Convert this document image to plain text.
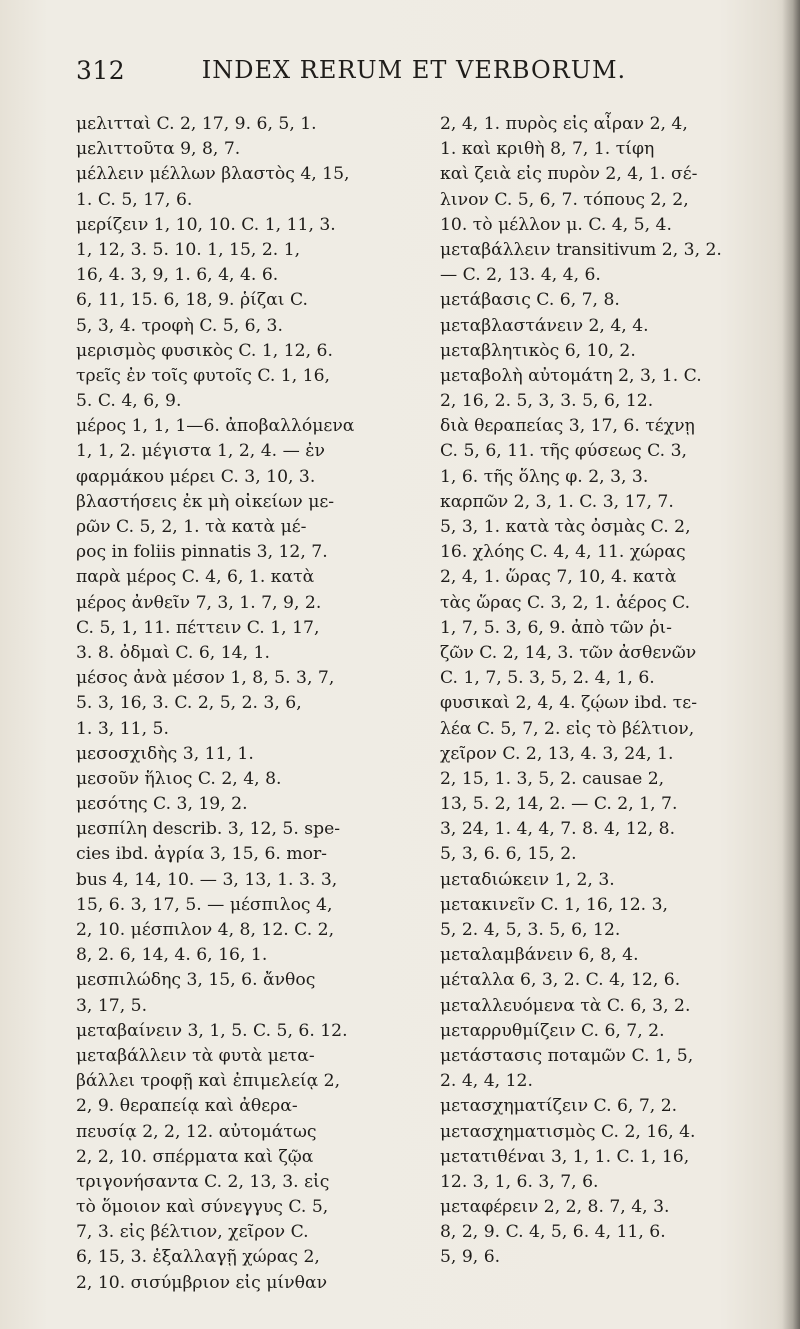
312	INDEX RERUM ET VERBORUM.
μελιτταὶ C. 2, 17, 9. 6, 5, 1.
μελιττοῦτα 9, 8, 7.
μέλλειν μέλλων βλαστὸς 4, 15,
1. C. 5, 17, 6.
μερίζειν 1, 10, 10. C. 1, 11, 3.
1, 12, 3. 5. 10. 1, 15, 2. 1,
16, 4. 3, 9, 1. 6, 4, 4. 6.
6, 11, 15. 6, 18, 9. ῥίζαι C.
5, 3, 4. τροφὴ C. 5, 6, 3.
μερισμὸς φυσικὸς C. 1, 12, 6.
τρεῖς ἐν τοῖς φυτοῖς C. 1, 16,
5. C. 4, 6, 9.
μέρος 1, 1, 1—6. ἀποβαλλόμενα
1, 1, 2. μέγιστα 1, 2, 4. — ἐν
φαρμάκου μέρει C. 3, 10, 3.
βλαστήσεις ἐκ μὴ οἰκείων με-
ρῶν C. 5, 2, 1. τὰ κατὰ μέ-
ρος in foliis pinnatis 3, 12, 7.
παρὰ μέρος C. 4, 6, 1. κατὰ
μέρος ἀνθεῖν 7, 3, 1. 7, 9, 2.
C. 5, 1, 11. πέττειν C. 1, 17,
3. 8. ὀδμαὶ C. 6, 14, 1.
μέσος ἀνὰ μέσον 1, 8, 5. 3, 7,
5. 3, 16, 3. C. 2, 5, 2. 3, 6,
1. 3, 11, 5.
μεσοσχιδὴς 3, 11, 1.
μεσοῦν ἥλιος C. 2, 4, 8.
μεσότης C. 3, 19, 2.
μεσπίλη describ. 3, 12, 5. spe-
cies ibd. ἀγρία 3, 15, 6. mor-
bus 4, 14, 10. — 3, 13, 1. 3. 3,
15, 6. 3, 17, 5. — μέσπιλος 4,
2, 10. μέσπιλον 4, 8, 12. C. 2,
8, 2. 6, 14, 4. 6, 16, 1.
μεσπιλώδης 3, 15, 6. ἄνθος
3, 17, 5.
μεταβαίνειν 3, 1, 5. C. 5, 6. 12.
μεταβάλλειν τὰ φυτὰ μετα-
βάλλει τροφῇ καὶ ἐπιμελείᾳ 2,
2, 9. θεραπείᾳ καὶ ἀθερα-
πευσίᾳ 2, 2, 12. αὐτομάτως
2, 2, 10. σπέρματα καὶ ζῷα
τριγονήσαντα C. 2, 13, 3. εἰς
τὸ ὅμοιον καὶ σύνεγγυς C. 5,
7, 3. εἰς βέλτιον, χεῖρον C.
6, 15, 3. ἐξαλλαγῇ χώρας 2,
2, 10. σισύμβριον εἰς μίνθαν
2, 4, 1. πυρὸς εἰς αἶραν 2, 4,
1. καὶ κριθὴ 8, 7, 1. τίφη
καὶ ζειὰ εἰς πυρὸν 2, 4, 1. σέ-
λινον C. 5, 6, 7. τόπους 2, 2,
10. τὸ μέλλον μ. C. 4, 5, 4.
μεταβάλλειν transitivum 2, 3, 2.
— C. 2, 13. 4, 4, 6.
μετάβασις C. 6, 7, 8.
μεταβλαστάνειν 2, 4, 4.
μεταβλητικὸς 6, 10, 2.
μεταβολὴ αὐτομάτη 2, 3, 1. C.
2, 16, 2. 5, 3, 3. 5, 6, 12.
διὰ θεραπείας 3, 17, 6. τέχνῃ
C. 5, 6, 11. τῆς φύσεως C. 3,
1, 6. τῆς ὅλης φ. 2, 3, 3.
καρπῶν 2, 3, 1. C. 3, 17, 7.
5, 3, 1. κατὰ τὰς ὀσμὰς C. 2,
16. χλόης C. 4, 4, 11. χώρας
2, 4, 1. ὥρας 7, 10, 4. κατὰ
τὰς ὥρας C. 3, 2, 1. ἀέρος C.
1, 7, 5. 3, 6, 9. ἀπὸ τῶν ῥι-
ζῶν C. 2, 14, 3. τῶν ἀσθενῶν
C. 1, 7, 5. 3, 5, 2. 4, 1, 6.
φυσικαὶ 2, 4, 4. ζῴων ibd. τε-
λέα C. 5, 7, 2. εἰς τὸ βέλτιον,
χεῖρον C. 2, 13, 4. 3, 24, 1.
2, 15, 1. 3, 5, 2. causae 2,
13, 5. 2, 14, 2. — C. 2, 1, 7.
3, 24, 1. 4, 4, 7. 8. 4, 12, 8.
5, 3, 6. 6, 15, 2.
μεταδιώκειν 1, 2, 3.
μετακινεῖν C. 1, 16, 12. 3,
5, 2. 4, 5, 3. 5, 6, 12.
μεταλαμβάνειν 6, 8, 4.
μέταλλα 6, 3, 2. C. 4, 12, 6.
μεταλλευόμενα τὰ C. 6, 3, 2.
μεταρρυθμίζειν C. 6, 7, 2.
μετάστασις ποταμῶν C. 1, 5,
2. 4, 4, 12.
μετασχηματίζειν C. 6, 7, 2.
μετασχηματισμὸς C. 2, 16, 4.
μετατιθέναι 3, 1, 1. C. 1, 16,
12. 3, 1, 6. 3, 7, 6.
μεταφέρειν 2, 2, 8. 7, 4, 3.
8, 2, 9. C. 4, 5, 6. 4, 11, 6.
5, 9, 6.
